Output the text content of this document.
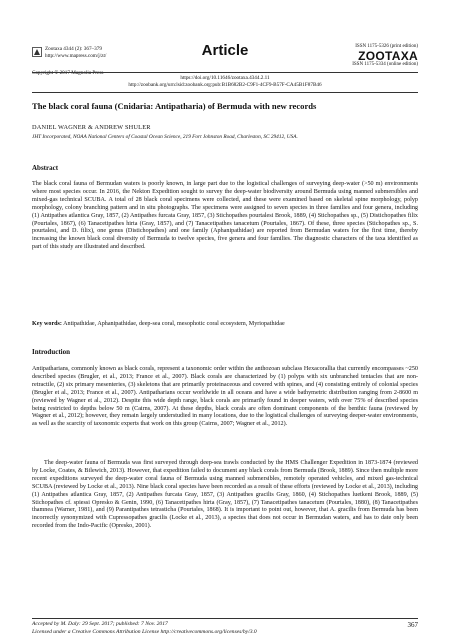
Zootaxa 4344 (2): 367–379
http://www.mapress.com/j/zt/
Copyright © 2017 Magnolia Press
Article	ISSN 1175-5326 (print edition)
ZOOTAXA
ISSN 1175-5334 (online edition)
https://doi.org/10.11646/zootaxa.4344.2.11
http://zoobank.org/urn:lsid:zoobank.org:pub:B1B682B2-C9F1-4CF9-B57F-CA45B1F87B46
The black coral fauna (Cnidaria: Antipatharia) of Bermuda with new records
DANIEL WAGNER & ANDREW SHULER
JHT Incorporated, NOAA National Centers of Coastal Ocean Science, 219 Fort Johnston Road, Charleston, SC 29412, USA.
Abstract

The black coral fauna of Bermudan waters is poorly known, in large part due to the logistical challenges of surveying deep-water (>50 m) environments where most species occur. In 2016, the Nekton Expedition sought to survey the deep-water biodiversity around Bermuda using manned submersibles and mixed-gas technical SCUBA. A total of 28 black coral specimens were collected, and these were examined based on skeletal spine morphology, polyp morphology, colony branching pattern and in situ photographs. The specimens were assigned to seven species in three families and four genera, including (1) Antipathes atlantica Gray, 1857, (2) Antipathes furcata Gray, 1857, (3) Stichopathes pourtalesi Brook, 1889, (4) Stichopathes sp., (5) Distichopathes filix (Pourtales, 1867), (6) Tanacetipathes hirta (Gray, 1857), and (7) Tanacetipathes tanacetum (Pourtales, 1867). Of these, three species (Stichopathes sp., S. pourtalesi, and D. filix), one genus (Distichopathes) and one family (Aphanipathidae) are reported from Bermudan waters for the first time, thereby increasing the known black coral diversity of Bermuda to twelve species, five genera and four families. The diagnostic characters of the taxa identified as part of this study are illustrated and described.

Key words: Antipathidae, Aphanipathidae, deep-sea coral, mesophotic coral ecosystem, Myriopathidae
Introduction

Antipatharians, commonly known as black corals, represent a taxonomic order within the anthozoan subclass Hexacorallia that currently encompasses ~250 described species (Brugler, et al., 2013; France et al., 2007). Black corals are characterized by (1) polyps with six unbranched tentacles that are non-retractile, (2) six primary mesenteries, (3) skeletons that are primarily proteinaceous and covered with spines, and (4) consisting entirely of colonial species (Brugler et al., 2013; France et al., 2007). Antipatharians occur worldwide in all oceans and have a wide bathymetric distribution ranging from 2-8600 m (reviewed by Wagner et al., 2012). Despite this wide depth range, black corals are primarily found in deeper waters, with over 75% of described species being restricted to depths below 50 m (Cairns, 2007). At these depths, black corals are often dominant components of the benthic fauna (reviewed by Wagner et al., 2012); however, they remain largely understudied in many locations, due to the logistical challenges of surveying deeper-water environments, as well as the scarcity of taxonomic experts that work on this group (Cairns, 2007; Wagner et al., 2012).

The deep-water fauna of Bermuda was first surveyed through deep-sea trawls conducted by the HMS Challenger Expedition in 1873-1874 (reviewed by Locke, Coates, & Bilewich, 2013). However, that expedition failed to document any black corals from Bermuda (Brook, 1889). Since then multiple more recent expeditions surveyed the deep-water coral fauna of Bermuda using manned submersibles, remotely operated vehicles, and mixed gas-technical SCUBA (reviewed by Locke et al., 2013). Nine black coral species have been recorded as a result of these efforts (reviewed by Locke et al., 2013), including (1) Antipathes atlantica Gray, 1857, (2) Antipathes furcata Gray, 1857, (3) Antipathes gracilis Gray, 1860, (4) Stichopathes luetkeni Brook, 1889, (5) Stichopathes cf. spiessi Opresko & Genin, 1990, (6) Tanacetipathes hirta (Gray, 1857), (7) Tanacetipathes tanacetum (Pourtales, 1880), (8) Tanacetipathes thamnea (Warner, 1981), and (9) Parantipathes tetrasticha (Pourtales, 1868). It is important to point out, however, that A. gracilis from Bermuda has been incorrectly synonymized with Cupressopathes gracilis (Locke et al., 2013), a species that does not occur in Bermudan waters, and has to date only been recorded from the Indo-Pacific (Opresko, 2001).

Accepted by M. Daly: 29 Sept. 2017; published: 7 Nov. 2017
Licensed under a Creative Commons Attribution License http://creativecommons.org/licenses/by/3.0
367
